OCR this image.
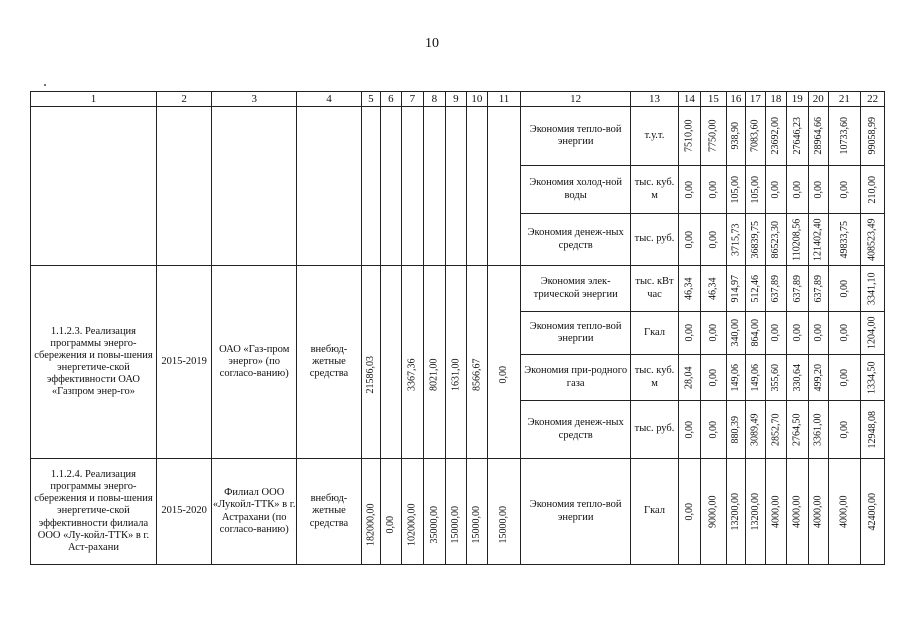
10
1	2	3	4	5	6	7	8	9	10	11	12	13	14	15	16	17	18	19	20	21	22
											Экономия тепло-вой энергии	т.у.т.	7510,00	7750,00	938,90	7083,60	23692,00	27646,23	28964,66	10733,60	99058,99

											Экономия холод-ной воды	тыс. куб. м	0,00	0,00	105,00	105,00	0,00	0,00	0,00	0,00	210,00

											Экономия денеж-ных средств	тыс. руб.	0,00	0,00	3715,73	36839,75	86523,30	110208,56	121402,40	49833,75	408523,49

1.1.2.3. Реализация программы энерго-сбережения и повы-шения энергетиче-ской эффективности ОАО «Газпром энер-го»	2015-2019	ОАО «Газ-пром энерго» (по согласо-ванию)	внебюд-жетные средства	21586,03		3367,36	8021,00	1631,00	8566,67	0,00	Экономия элек-трической энергии	тыс. кВт час	46,34	46,34	914,97	512,46	637,89	637,89	637,89	0,00	3341,10

											Экономия тепло-вой энергии	Гкал	0,00	0,00	340,00	864,00	0,00	0,00	0,00	0,00	1204,00

											Экономия при-родного газа	тыс. куб. м	28,04	0,00	149,06	149,06	355,60	330,64	499,20	0,00	1334,50

											Экономия денеж-ных средств	тыс. руб.	0,00	0,00	880,39	3089,49	2852,70	2764,50	3361,00	0,00	12948,08

1.1.2.4. Реализация программы энерго-сбережения и повы-шения энергетиче-ской эффективности филиала ООО «Лу-койл-ТТК» в г. Аст-рахани	2015-2020	Филиал ООО «Лукойл-ТТК» в г. Астрахани (по согласо-ванию)	внебюд-жетные средства	182000,00	0,00	102000,00	35000,00	15000,00	15000,00	15000,00	Экономия тепло-вой энергии	Гкал	0,00	9000,00	13200,00	13200,00	4000,00	4000,00	4000,00	4000,00	42400,00
